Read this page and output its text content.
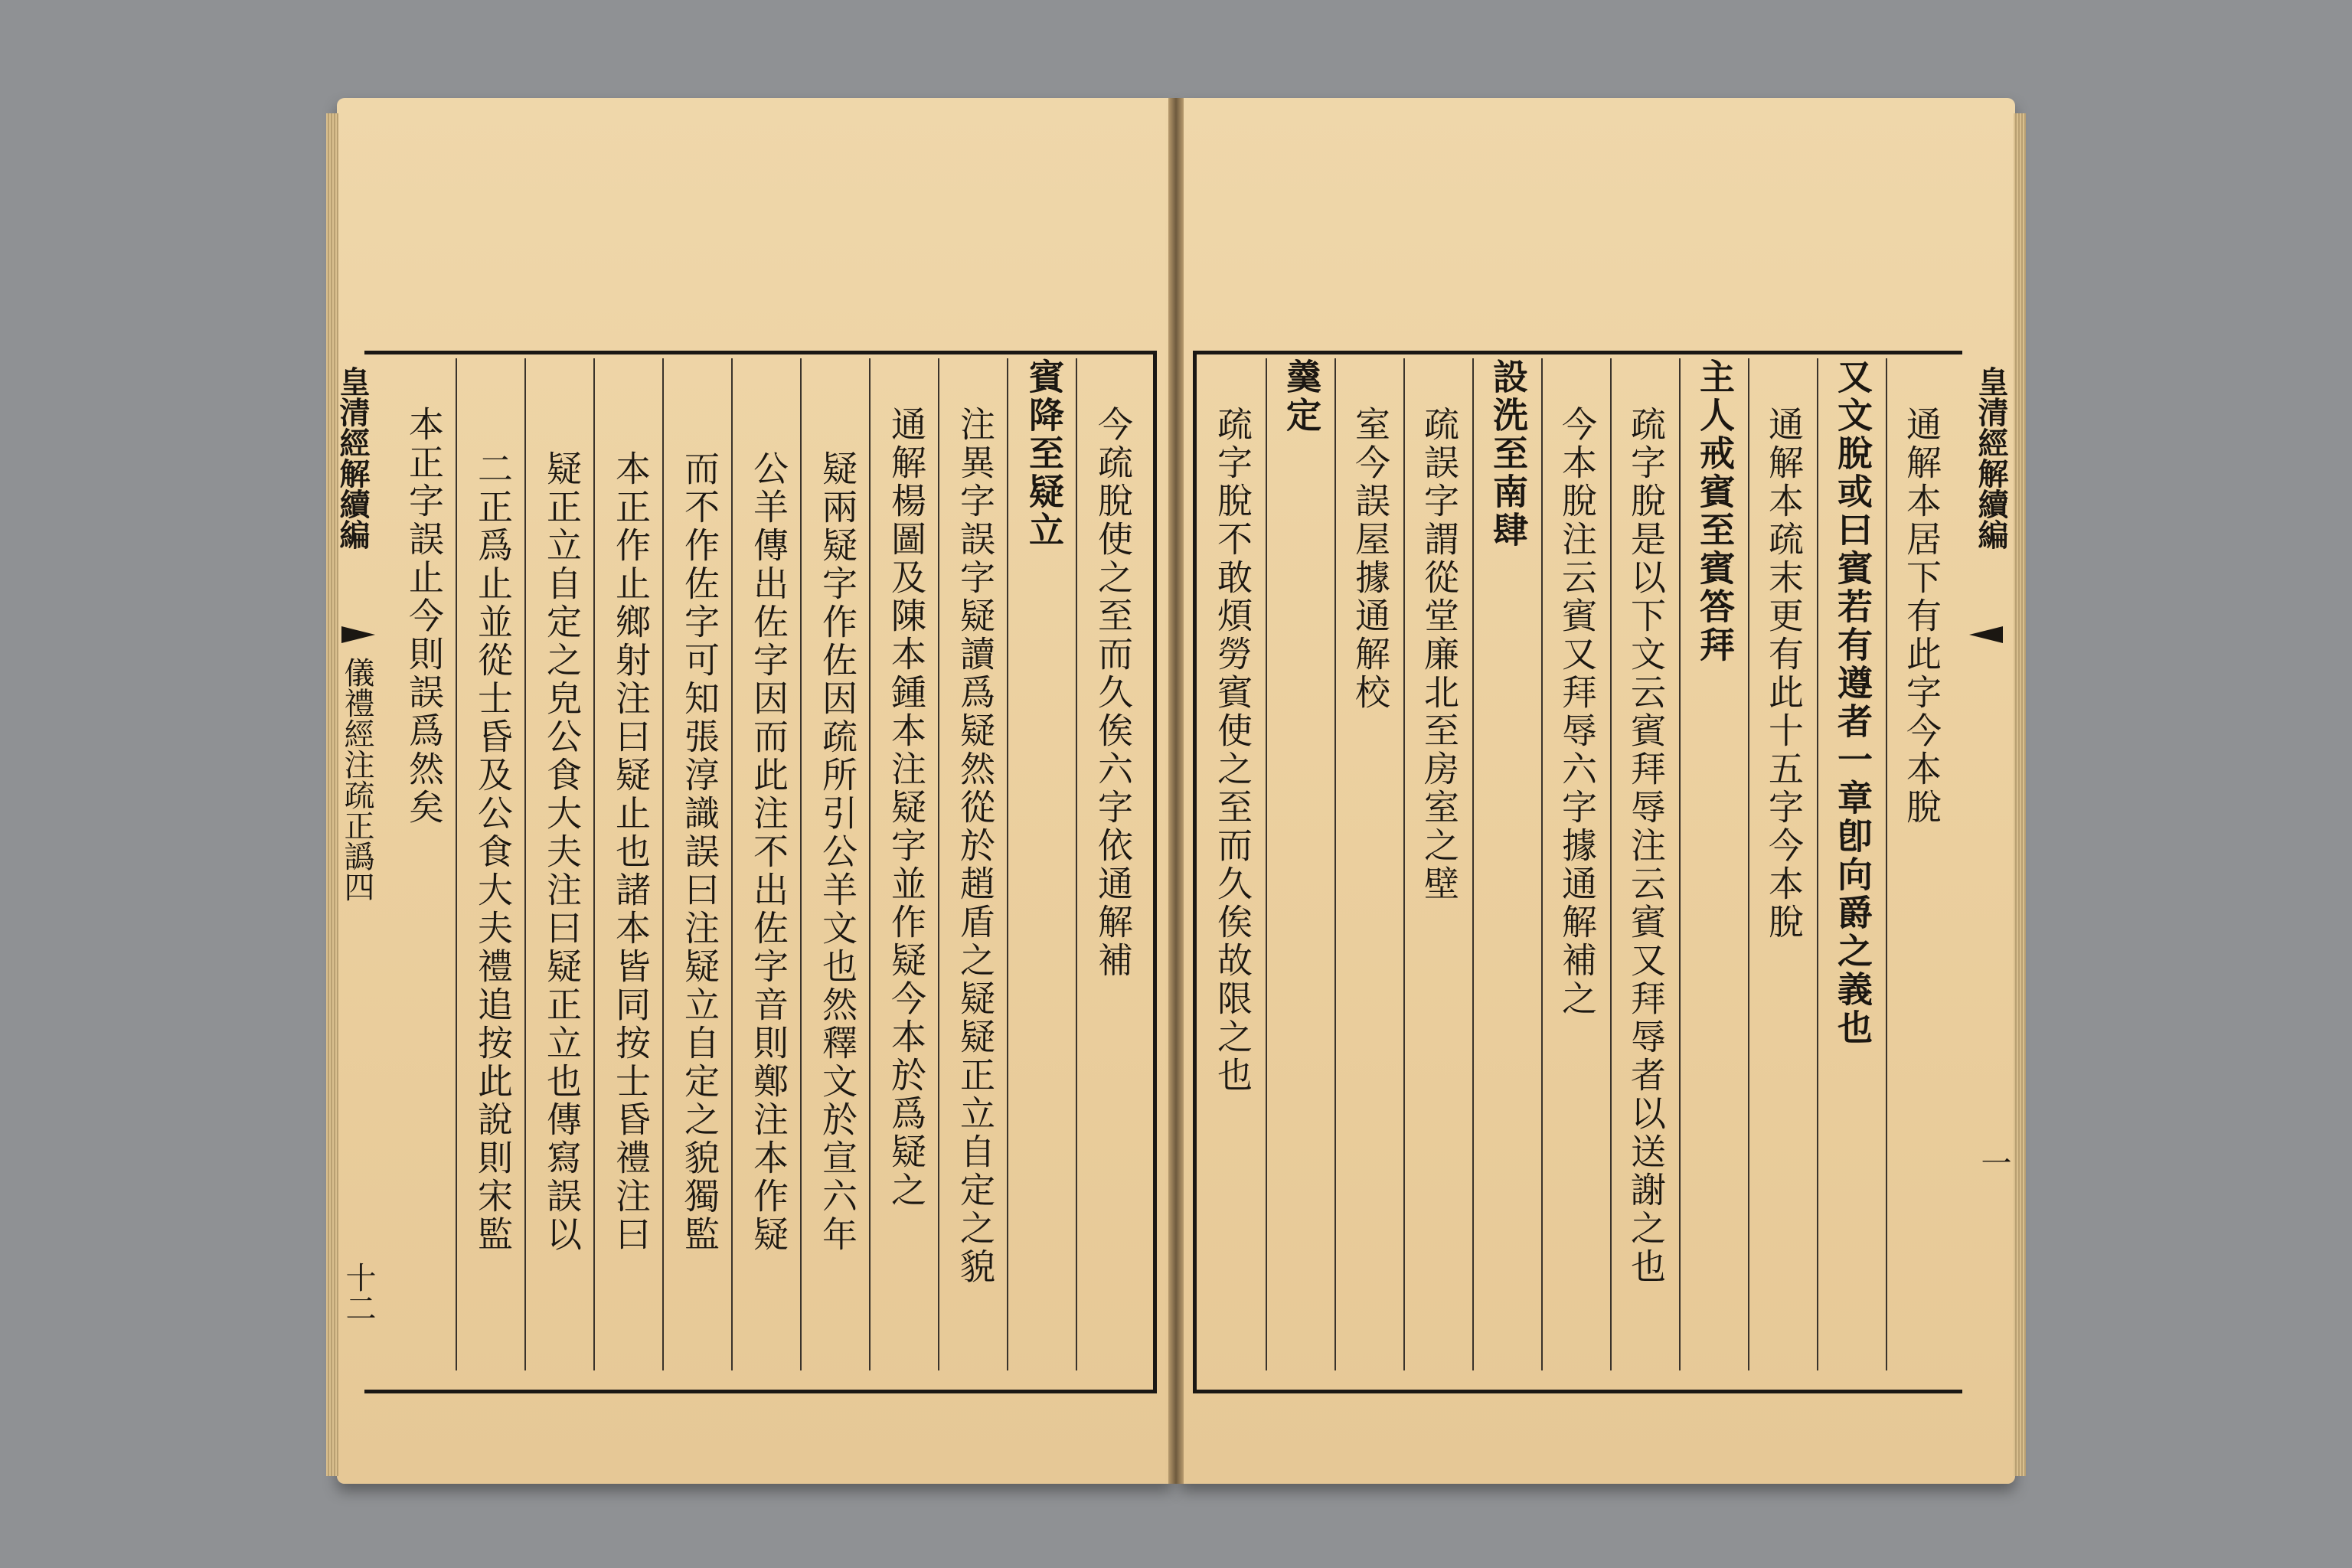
皇清經解續編
儀禮經注疏正譌四
十二
今疏脫使之至而久俟六字依通解補
賓降至疑立
注異字誤字疑讀爲疑然從於趙盾之疑疑正立自定之貌
通解楊圖及陳本鍾本注疑字並作疑今本於爲疑之
疑兩疑字作佐因疏所引公羊文也然釋文於宣六年
公羊傳出佐字因而此注不出佐字音則鄭注本作疑
而不作佐字可知張淳識誤曰注疑立自定之貌獨監
本正作止鄉射注曰疑止也諸本皆同按士昏禮注曰
疑正立自定之皃公食大夫注曰疑正立也傳寫誤以
二正爲止並從士昏及公食大夫禮追按此說則宋監
本正字誤止今則誤爲然矣	皇清經解續編
一
通解本居下有此字今本脫
又文脫或曰賓若有遵者一章卽向爵之義也
通解本疏末更有此十五字今本脫
主人戒賓至賓答拜
疏字脫是以下文云賓拜辱注云賓又拜辱者以送謝之也
今本脫注云賓又拜辱六字據通解補之
設洗至南肆
疏誤字謂從堂廉北至房室之壁
室今誤屋據通解校
羹定
疏字脫不敢煩勞賓使之至而久俟故限之也
